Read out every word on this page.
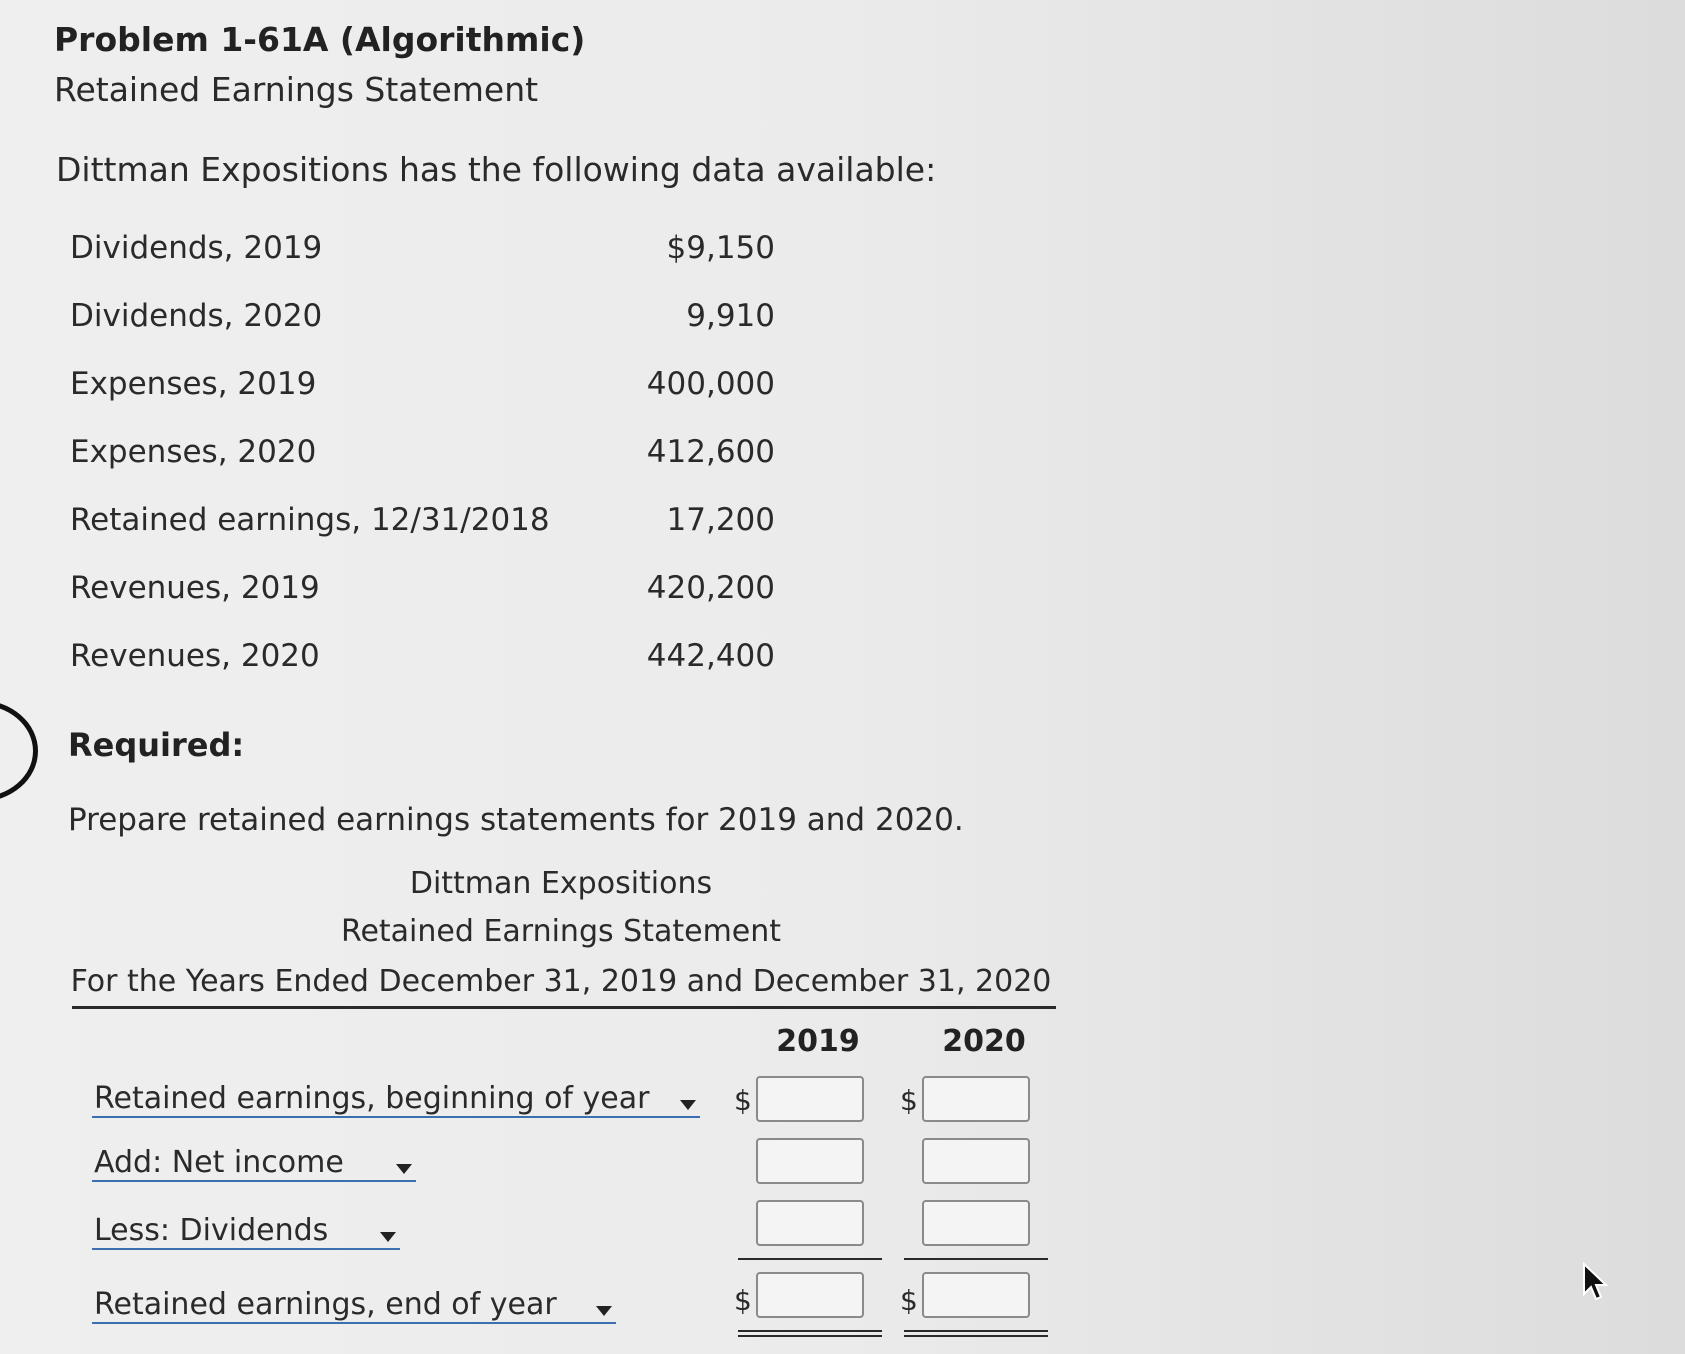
Problem 1-61A (Algorithmic)
Retained Earnings Statement
Dittman Expositions has the following data available:
Dividends, 2019	$9,150
Dividends, 2020	9,910
Expenses, 2019	400,000
Expenses, 2020	412,600
Retained earnings, 12/31/2018	17,200
Revenues, 2019	420,200
Revenues, 2020	442,400
Required:
Prepare retained earnings statements for 2019 and 2020.
Dittman Expositions
Retained Earnings Statement
For the Years Ended December 31, 2019 and December 31, 2020
2019	2020
Retained earnings, beginning of year	$	$
Add: Net income
Less: Dividends
Retained earnings, end of year	$	$
